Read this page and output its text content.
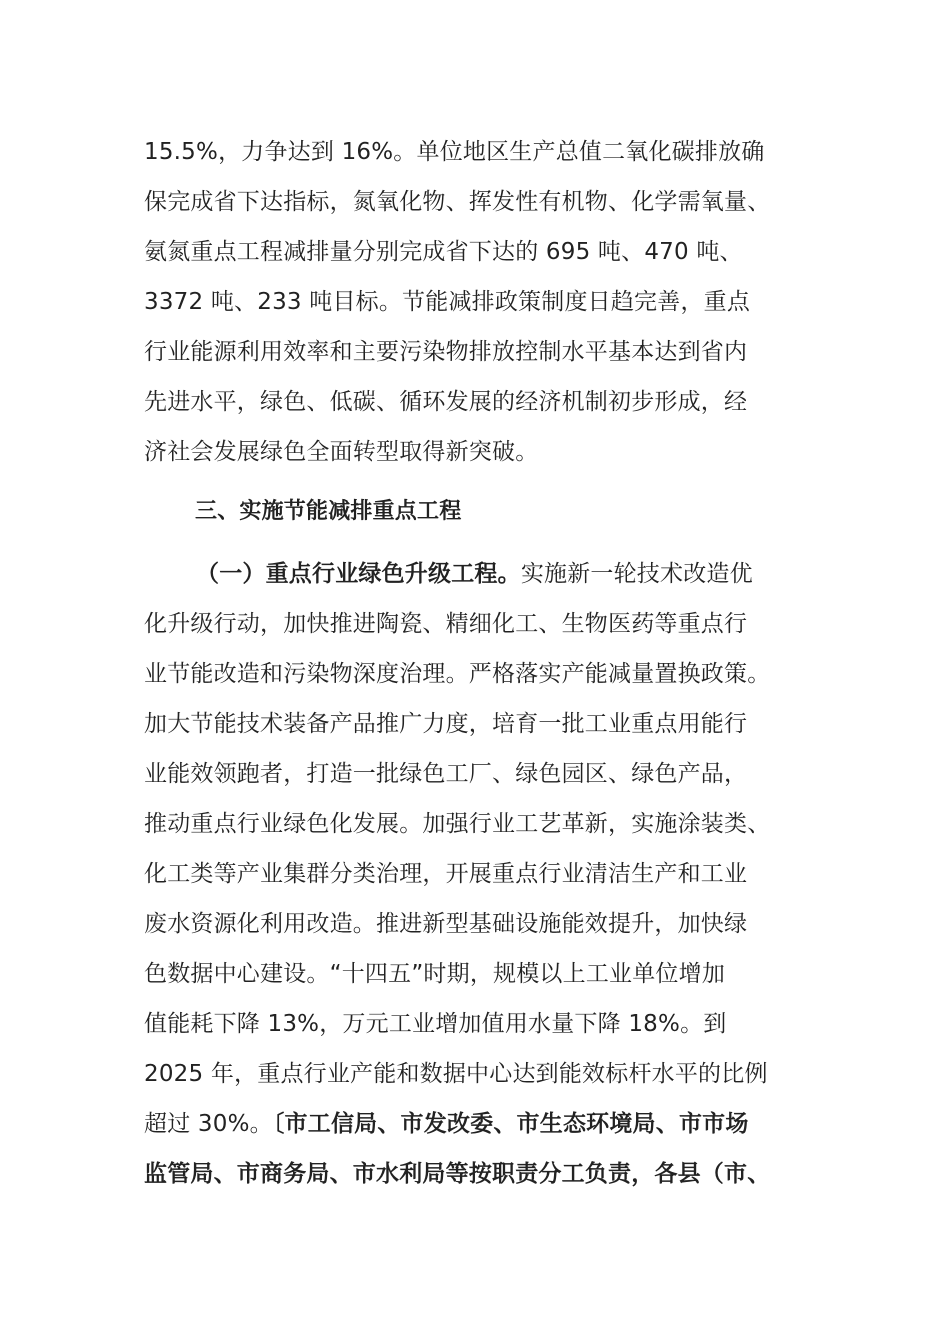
15.5%，力争达到 16%。单位地区生产总值二氧化碳排放确
保完成省下达指标，氮氧化物、挥发性有机物、化学需氧量、
氨氮重点工程减排量分别完成省下达的 695 吨、470 吨、
3372 吨、233 吨目标。节能减排政策制度日趋完善，重点
行业能源利用效率和主要污染物排放控制水平基本达到省内
先进水平，绿色、低碳、循环发展的经济机制初步形成，经
济社会发展绿色全面转型取得新突破。
三、实施节能减排重点工程
（一）重点行业绿色升级工程。实施新一轮技术改造优
化升级行动，加快推进陶瓷、精细化工、生物医药等重点行
业节能改造和污染物深度治理。严格落实产能减量置换政策。
加大节能技术装备产品推广力度，培育一批工业重点用能行
业能效领跑者，打造一批绿色工厂、绿色园区、绿色产品，
推动重点行业绿色化发展。加强行业工艺革新，实施涂装类、
化工类等产业集群分类治理，开展重点行业清洁生产和工业
废水资源化利用改造。推进新型基础设施能效提升，加快绿
色数据中心建设。“十四五”时期，规模以上工业单位增加
值能耗下降 13%，万元工业增加值用水量下降 18%。到
2025 年，重点行业产能和数据中心达到能效标杆水平的比例
超过 30%。〔市工信局、市发改委、市生态环境局、市市场
监管局、市商务局、市水利局等按职责分工负责，各县（市、
